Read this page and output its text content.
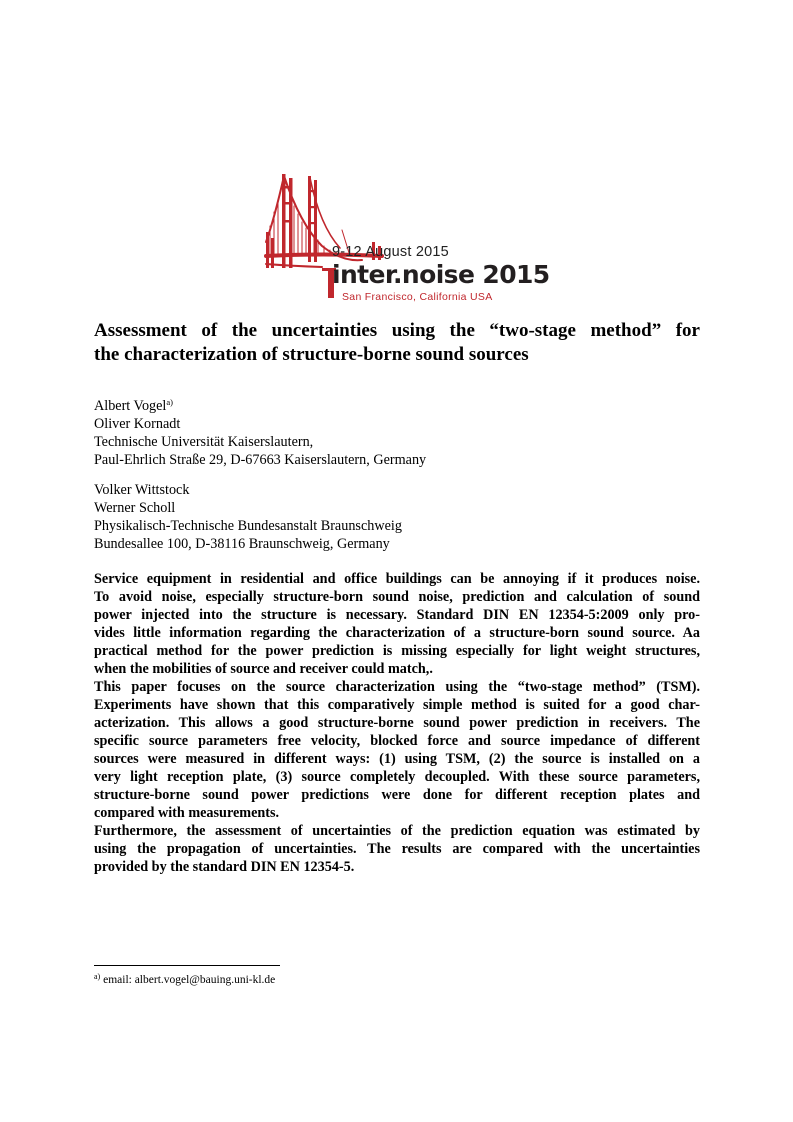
9-12 August 2015
inter.noise 2015
San Francisco, California USA
Assessment of the uncertainties using the “two-stage method” for
the characterization of structure-borne sound sources
Albert Vogel$^{a)}$
Oliver Kornadt
Technische Universität Kaiserslautern,
Paul-Ehrlich Straße 29, D-67663 Kaiserslautern, Germany
Volker Wittstock
Werner Scholl
Physikalisch-Technische Bundesanstalt Braunschweig
Bundesallee 100, D-38116 Braunschweig, Germany
Service equipment in residential and office buildings can be annoying if it produces noise.
To avoid noise, especially structure-born sound noise, prediction and calculation of sound
power injected into the structure is necessary. Standard DIN EN 12354-5:2009 only pro-
vides little information regarding the characterization of a structure-born sound source. Aa
practical method for the power prediction is missing especially for light weight structures,
when the mobilities of source and receiver could match,.
This paper focuses on the source characterization using the “two-stage method” (TSM).
Experiments have shown that this comparatively simple method is suited for a good char-
acterization. This allows a good structure-borne sound power prediction in receivers. The
specific source parameters free velocity, blocked force and source impedance of different
sources were measured in different ways: (1) using TSM, (2) the source is installed on a
very light reception plate, (3) source completely decoupled. With these source parameters,
structure-borne sound power predictions were done for different reception plates and
compared with measurements.
Furthermore, the assessment of uncertainties of the prediction equation was estimated by
using the propagation of uncertainties. The results are compared with the uncertainties
provided by the standard DIN EN 12354-5.
$^{a)}$ email: albert.vogel@bauing.uni-kl.de
